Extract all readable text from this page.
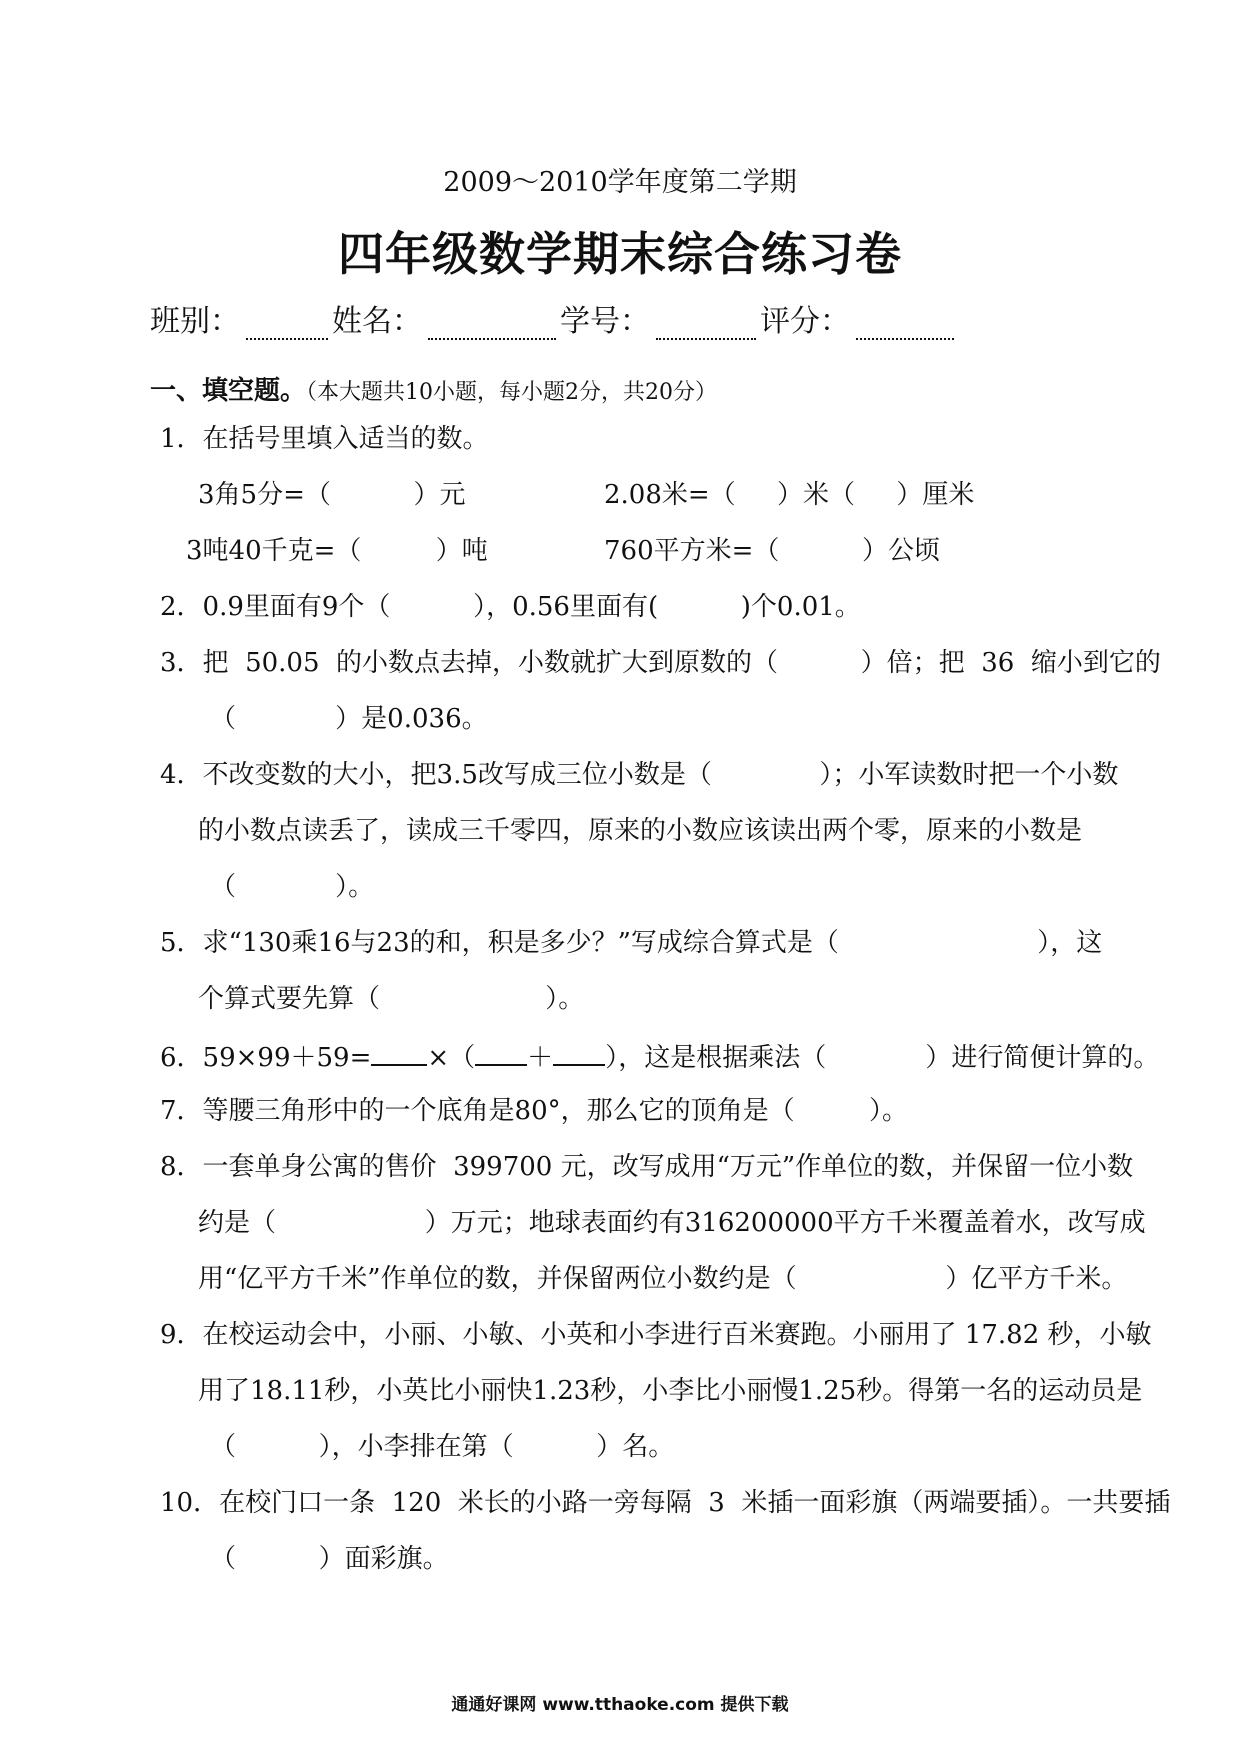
2009～2010学年度第二学期
四年级数学期末综合练习卷
班别：	姓名：	学号：	评分：
一、填空题。（本大题共10小题，每小题2分，共20分）
1．在括号里填入适当的数。
3角5分=（          ）元	2.08米=（     ）米（     ）厘米
3吨40千克=（         ）吨	760平方米=（          ）公顷
2．0.9里面有9个（          ），0.56里面有(          )个0.01。
3．把  50.05  的小数点去掉，小数就扩大到原数的（          ）倍；把  36  缩小到它的
（            ）是0.036。
4．不改变数的大小，把3.5改写成三位小数是（             ）；小军读数时把一个小数
的小数点读丢了，读成三千零四，原来的小数应该读出两个零，原来的小数是
（            ）。
5．求“130乘16与23的和，积是多少？”写成综合算式是（                        ），这
个算式要先算（                    ）。
6．59×99＋59= ×（ ＋ ），这是根据乘法（            ）进行简便计算的。
7．等腰三角形中的一个底角是80°，那么它的顶角是（         ）。
8．一套单身公寓的售价  399700 元，改写成用“万元”作单位的数，并保留一位小数
约是（                  ）万元；地球表面约有316200000平方千米覆盖着水，改写成
用“亿平方千米”作单位的数，并保留两位小数约是（                  ）亿平方千米。
9．在校运动会中，小丽、小敏、小英和小李进行百米赛跑。小丽用了 17.82 秒，小敏
用了18.11秒，小英比小丽快1.23秒，小李比小丽慢1.25秒。得第一名的运动员是
（          ），小李排在第（          ）名。
10．在校门口一条  120  米长的小路一旁每隔  3  米插一面彩旗（两端要插）。一共要插
（          ）面彩旗。
通通好课网 www.tthaoke.com 提供下载
